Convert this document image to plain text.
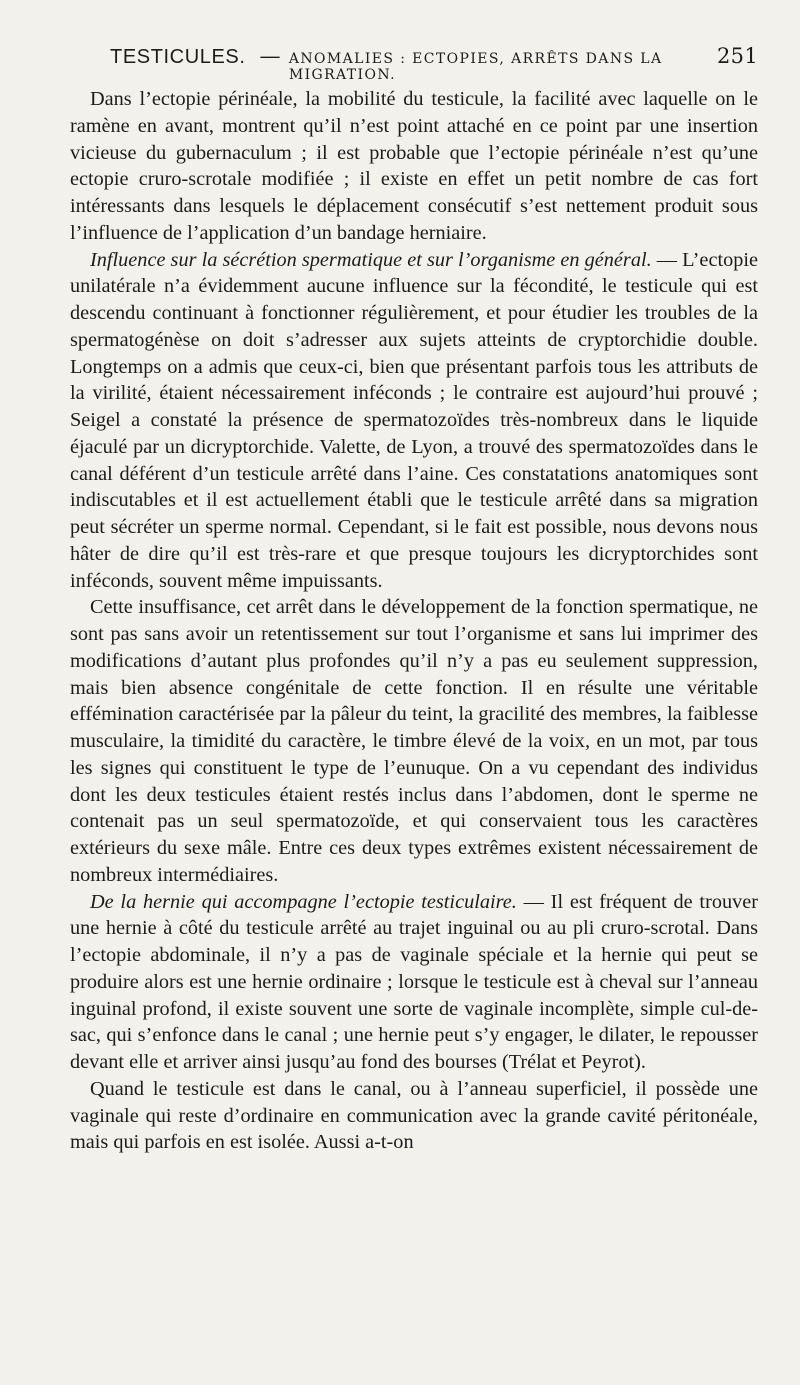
TESTICULES. — ANOMALIES : ECTOPIES, ARRÊTS DANS LA MIGRATION.
251

Dans l’ectopie périnéale, la mobilité du testicule, la facilité avec laquelle on le ramène en avant, montrent qu’il n’est point attaché en ce point par une insertion vicieuse du gubernaculum ; il est probable que l’ectopie périnéale n’est qu’une ectopie cruro-scrotale modifiée ; il existe en effet un petit nombre de cas fort intéressants dans lesquels le déplacement consécutif s’est nettement produit sous l’influence de l’application d’un bandage herniaire.

Influence sur la sécrétion spermatique et sur l’organisme en général. — L’ectopie unilatérale n’a évidemment aucune influence sur la fécondité, le testicule qui est descendu continuant à fonctionner régulièrement, et pour étudier les troubles de la spermatogénèse on doit s’adresser aux sujets atteints de cryptorchidie double. Longtemps on a admis que ceux-ci, bien que présentant parfois tous les attributs de la virilité, étaient nécessairement inféconds ; le contraire est aujourd’hui prouvé ; Seigel a constaté la présence de spermatozoïdes très-nombreux dans le liquide éjaculé par un dicryptorchide. Valette, de Lyon, a trouvé des spermatozoïdes dans le canal déférent d’un testicule arrêté dans l’aine. Ces constatations anatomiques sont indiscutables et il est actuellement établi que le testicule arrêté dans sa migration peut sécréter un sperme normal. Cependant, si le fait est possible, nous devons nous hâter de dire qu’il est très-rare et que presque toujours les dicryptorchides sont inféconds, souvent même impuissants.

Cette insuffisance, cet arrêt dans le développement de la fonction spermatique, ne sont pas sans avoir un retentissement sur tout l’organisme et sans lui imprimer des modifications d’autant plus profondes qu’il n’y a pas eu seulement suppression, mais bien absence congénitale de cette fonction. Il en résulte une véritable effémination caractérisée par la pâleur du teint, la gracilité des membres, la faiblesse musculaire, la timidité du caractère, le timbre élevé de la voix, en un mot, par tous les signes qui constituent le type de l’eunuque. On a vu cependant des individus dont les deux testicules étaient restés inclus dans l’abdomen, dont le sperme ne contenait pas un seul spermatozoïde, et qui conservaient tous les caractères extérieurs du sexe mâle. Entre ces deux types extrêmes existent nécessairement de nombreux intermédiaires.

De la hernie qui accompagne l’ectopie testiculaire. — Il est fréquent de trouver une hernie à côté du testicule arrêté au trajet inguinal ou au pli cruro-scrotal. Dans l’ectopie abdominale, il n’y a pas de vaginale spéciale et la hernie qui peut se produire alors est une hernie ordinaire ; lorsque le testicule est à cheval sur l’anneau inguinal profond, il existe souvent une sorte de vaginale incomplète, simple cul-de-sac, qui s’enfonce dans le canal ; une hernie peut s’y engager, le dilater, le repousser devant elle et arriver ainsi jusqu’au fond des bourses (Trélat et Peyrot).

Quand le testicule est dans le canal, ou à l’anneau superficiel, il possède une vaginale qui reste d’ordinaire en communication avec la grande cavité péritonéale, mais qui parfois en est isolée. Aussi a-t-on
